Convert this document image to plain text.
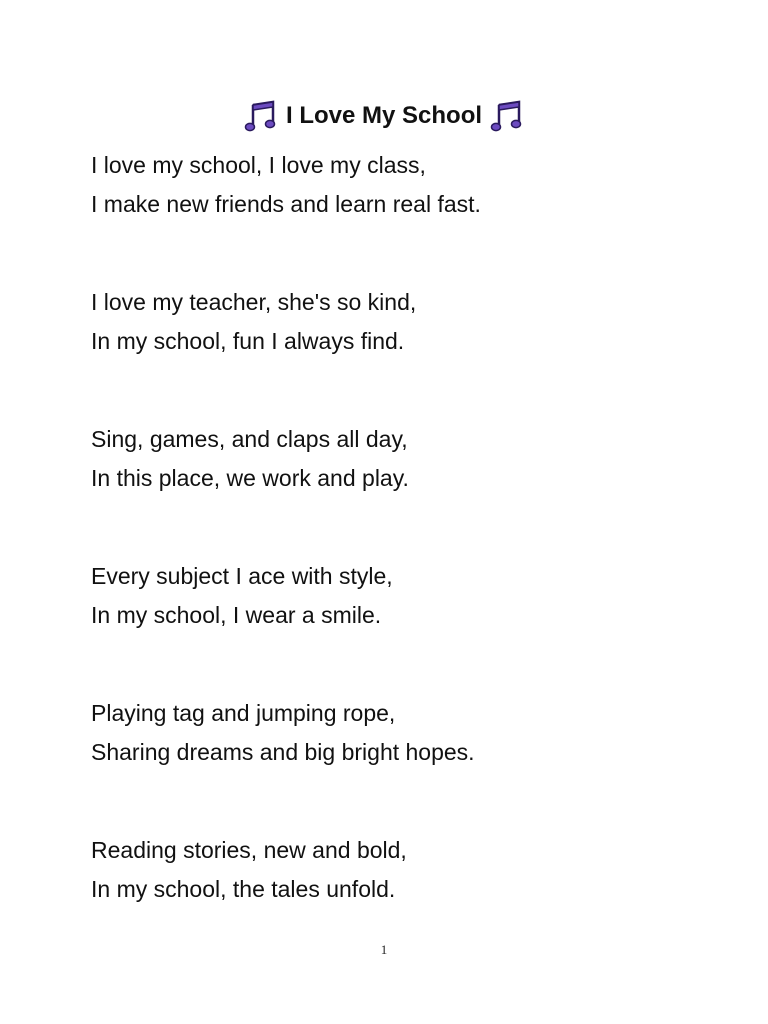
I Love My School
I love my school, I love my class,
I make new friends and learn real fast.
I love my teacher, she's so kind,
In my school, fun I always find.
Sing, games, and claps all day,
In this place, we work and play.
Every subject I ace with style,
In my school, I wear a smile.
Playing tag and jumping rope,
Sharing dreams and big bright hopes.
Reading stories, new and bold,
In my school, the tales unfold.
1
